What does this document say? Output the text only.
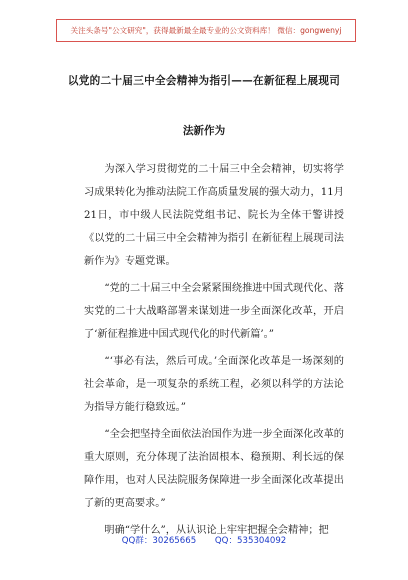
关注头条号"公文研究"，获得最新最全最专业的公文资料库！ 微信：gongwenyj
以党的二十届三中全会精神为指引——在新征程上展现司
法新作为

为深入学习贯彻党的二十届三中全会精神，切实将学习成果转化为推动法院工作高质量发展的强大动力，11月21日，市中级人民法院党组书记、院长为全体干警讲授《以党的二十届三中全会精神为指引 在新征程上展现司法新作为》专题党课。

“党的二十届三中全会紧紧围绕推进中国式现代化、落实党的二十大战略部署来谋划进一步全面深化改革，开启了‘新征程推进中国式现代化的时代新篇’。”

“‘事必有法，然后可成。’全面深化改革是一场深刻的社会革命，是一项复杂的系统工程，必须以科学的方法论为指导方能行稳致远。”

“全会把坚持全面依法治国作为进一步全面深化改革的重大原则，充分体现了法治固根本、稳预期、利长远的保障作用，也对人民法院服务保障进一步全面深化改革提出了新的更高要求。”

明确“学什么”，从认识论上牢牢把握全会精神；把

QQ群：30265665 QQ：535304092
